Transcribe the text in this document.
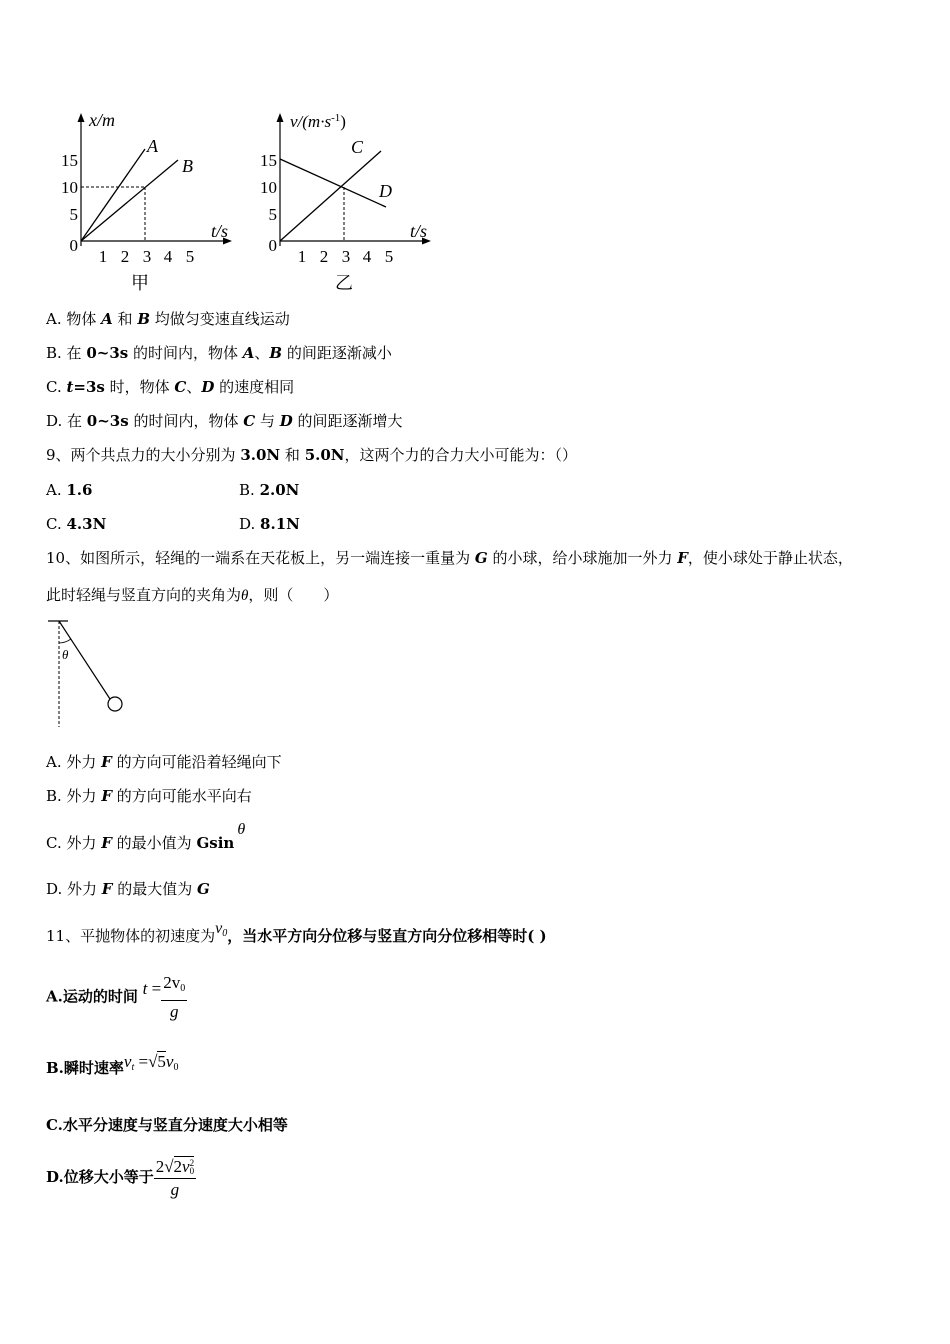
x/m
t/s
15
10
5
0
1 2 3 4 5
A
B
甲
$v/(m\cdot s^{-1})$
t/s
15
10
5
0
1 2 3 4 5
C
D
乙
A. 物体 A 和 B 均做匀变速直线运动
B. 在 0~3s 的时间内，物体 A、B 的间距逐渐减小
C. t=3s 时，物体 C、D 的速度相同
D. 在 0~3s 的时间内，物体 C 与 D 的间距逐渐增大
9、两个共点力的大小分别为 3.0N 和 5.0N，这两个力的合力大小可能为：（）
A. 1.6	B. 2.0N
C. 4.3N	D. 8.1N
10、如图所示，轻绳的一端系在天花板上，另一端连接一重量为 G 的小球，给小球施加一外力 F，使小球处于静止状态，
此时轻绳与竖直方向的夹角为θ，则（　　）
θ
A. 外力 F 的方向可能沿着轻绳向下
B. 外力 F 的方向可能水平向右
C. 外力 F 的最小值为 Gsinθ
D. 外力 F 的最大值为 G
11、平抛物体的初速度为$v_0$，当水平方向分位移与竖直方向分位移相等时( )
A.运动的时间 $t = \frac{2v_0}{g}$
B.瞬时速率$v_t =√5v_0$
C.水平分速度与竖直分速度大小相等
D.位移大小等于 2√2v 2
0
g
